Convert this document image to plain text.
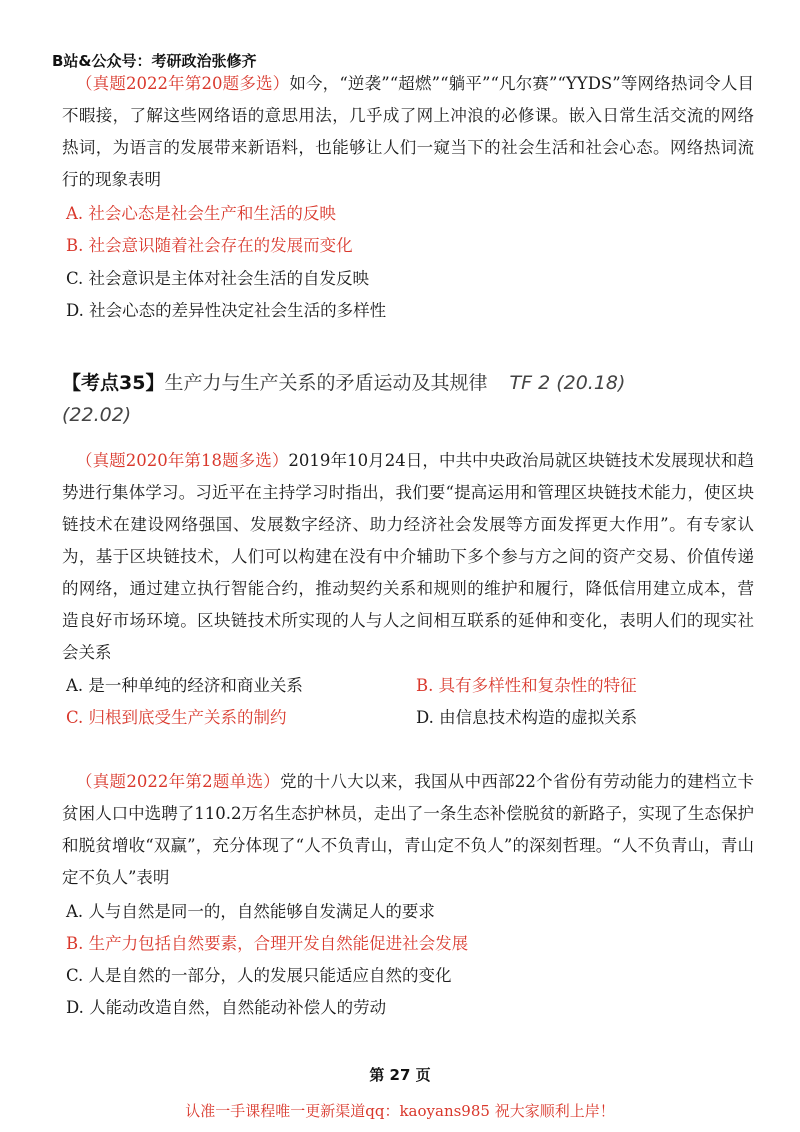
B站&公众号：考研政治张修齐
（真题2022年第20题多选）如今，“逆袭”“超燃”“躺平”“凡尔赛”“YYDS”等网络热词令人目不暇接，了解这些网络语的意思用法，几乎成了网上冲浪的必修课。嵌入日常生活交流的网络热词，为语言的发展带来新语料，也能够让人们一窥当下的社会生活和社会心态。网络热词流行的现象表明
A. 社会心态是社会生产和生活的反映
B. 社会意识随着社会存在的发展而变化
C. 社会意识是主体对社会生活的自发反映
D. 社会心态的差异性决定社会生活的多样性
【考点35】生产力与生产关系的矛盾运动及其规律 TF 2 (20.18)
(22.02)
（真题2020年第18题多选）2019年10月24日，中共中央政治局就区块链技术发展现状和趋势进行集体学习。习近平在主持学习时指出，我们要“提高运用和管理区块链技术能力，使区块链技术在建设网络强国、发展数字经济、助力经济社会发展等方面发挥更大作用”。有专家认为，基于区块链技术，人们可以构建在没有中介辅助下多个参与方之间的资产交易、价值传递的网络，通过建立执行智能合约，推动契约关系和规则的维护和履行，降低信用建立成本，营造良好市场环境。区块链技术所实现的人与人之间相互联系的延伸和变化，表明人们的现实社会关系
A. 是一种单纯的经济和商业关系	B. 具有多样性和复杂性的特征
C. 归根到底受生产关系的制约	D. 由信息技术构造的虚拟关系
（真题2022年第2题单选）党的十八大以来，我国从中西部22个省份有劳动能力的建档立卡贫困人口中选聘了110.2万名生态护林员，走出了一条生态补偿脱贫的新路子，实现了生态保护和脱贫增收“双赢”，充分体现了“人不负青山，青山定不负人”的深刻哲理。“人不负青山，青山定不负人”表明
A. 人与自然是同一的，自然能够自发满足人的要求
B. 生产力包括自然要素，合理开发自然能促进社会发展
C. 人是自然的一部分，人的发展只能适应自然的变化
D. 人能动改造自然，自然能动补偿人的劳动
第 27 页
认准一手课程唯一更新渠道qq：kaoyans985 祝大家顺利上岸！
